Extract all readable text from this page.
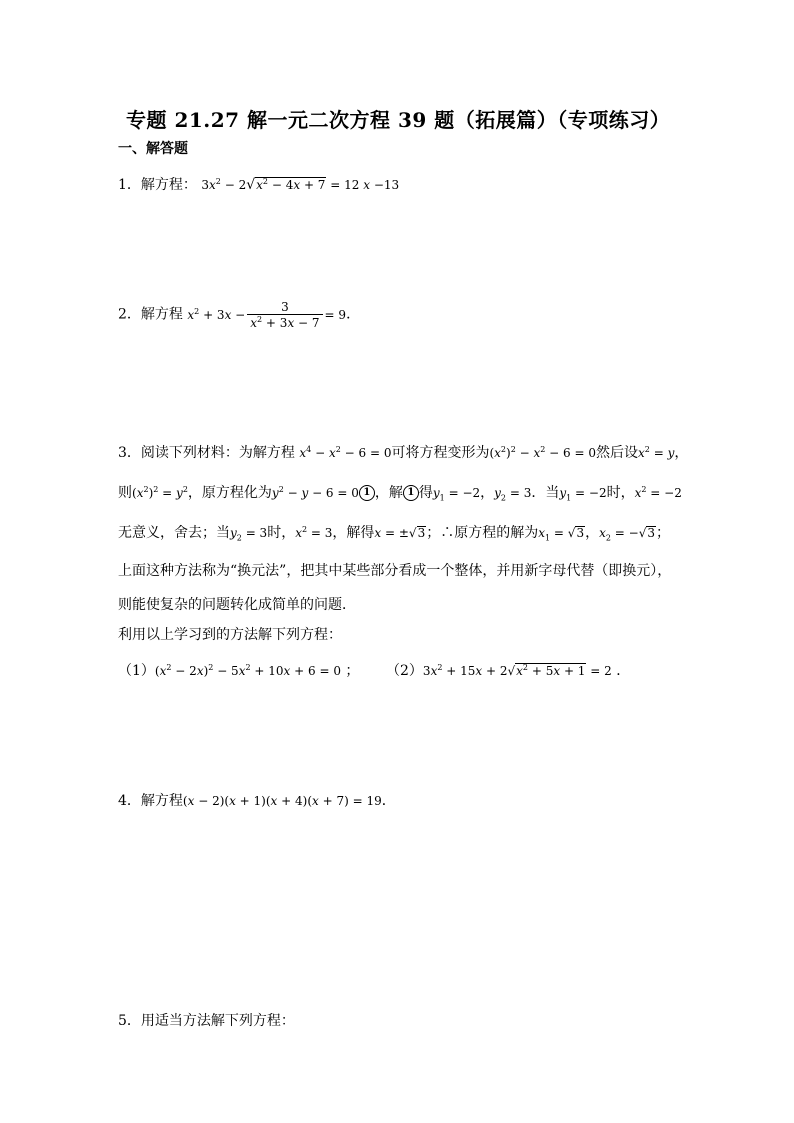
专题 21.27 解一元二次方程 39 题（拓展篇）（专项练习）
一、解答题
1．解方程： $3x^2 - 2√x^2 - 4x + 7 = 12$ x −13
2．解方程 $x^2 + 3x - \frac{3}{x^2 + 3x - 7} = 9$．
3．阅读下列材料：为解方程 $x^4 - x^2 - 6 = 0$可将方程变形为$(x^2)^2 - x^2 - 6 = 0$然后设$x^2 = y$，
则$(x^2)^2 = y^2$，原方程化为$y^2 - y - 6 = 0$ 1 ，解 1 得$y_1 = -2$，$y_2 = 3$．当$y_1 = -2$时，$x^2 = -2$
无意义，舍去；当$y_2 = 3$时，$x^2 = 3$，解得x = ±√3；∴原方程的解为$x_1 = √3$，$x_2 = -√3$；
上面这种方法称为“换元法”，把其中某些部分看成一个整体，并用新字母代替（即换元），
则能使复杂的问题转化成简单的问题．
利用以上学习到的方法解下列方程：
$(1)(x^2 - 2x)^2 - 5x^2 + 10x + 6 = 0$ ； $(2)3x^2 + 15x + 2√x^2 + 5x + 1 = 2$ ．
4．解方程(x − 2)(x + 1)(x + 4)(x + 7) = 19．
5．用适当方法解下列方程：
